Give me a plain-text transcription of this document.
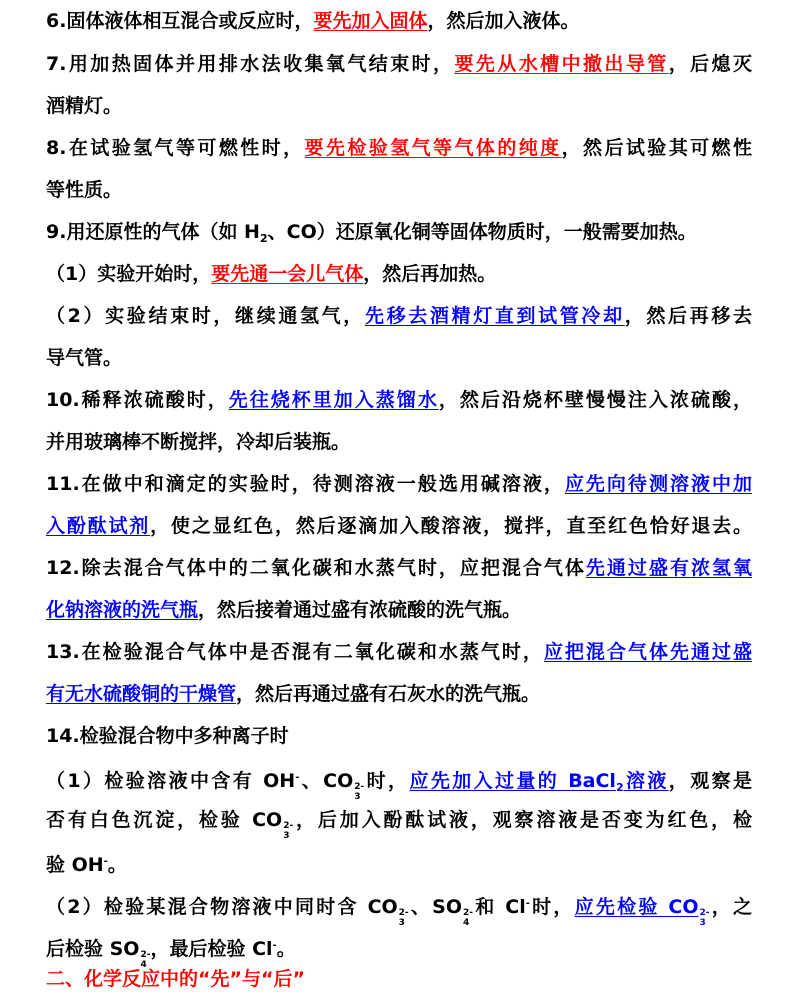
6.固体液体相互混合或反应时，要先加入固体，然后加入液体。
7.用加热固体并用排水法收集氧气结束时，要先从水槽中撤出导管，后熄灭
酒精灯。
8.在试验氢气等可燃性时，要先检验氢气等气体的纯度，然后试验其可燃性
等性质。
9.用还原性的气体（如 $H_2$、CO）还原氧化铜等固体物质时，一般需要加热。
（1）实验开始时，要先通一会儿气体，然后再加热。
（2）实验结束时，继续通氢气，先移去酒精灯直到试管冷却，然后再移去
导气管。
10.稀释浓硫酸时，先往烧杯里加入蒸馏水，然后沿烧杯壁慢慢注入浓硫酸，
并用玻璃棒不断搅拌，冷却后装瓶。
11.在做中和滴定的实验时，待测溶液一般选用碱溶液，应先向待测溶液中加
入酚酞试剂，使之显红色，然后逐滴加入酸溶液，搅拌，直至红色恰好退去。
12.除去混合气体中的二氧化碳和水蒸气时，应把混合气体先通过盛有浓氢氧
化钠溶液的洗气瓶，然后接着通过盛有浓硫酸的洗气瓶。
13.在检验混合气体中是否混有二氧化碳和水蒸气时，应把混合气体先通过盛
有无水硫酸铜的干燥管，然后再通过盛有石灰水的洗气瓶。
14.检验混合物中多种离子时
（1）检验溶液中含有 OH-、CO 2-
3
时，应先加入过量的 BaCl$_2$溶液，观察是
否有白色沉淀，检验 CO 2-
3
，后加入酚酞试液，观察溶液是否变为红色，检
验 OH-。
（2）检验某混合物溶液中同时含 CO 2-
3
、SO 2-
4
和 Cl-时，应先检验 CO 2-
3
，之
后检验 SO 2-
4
，最后检验 Cl-。
二、化学反应中的“先”与“后”
